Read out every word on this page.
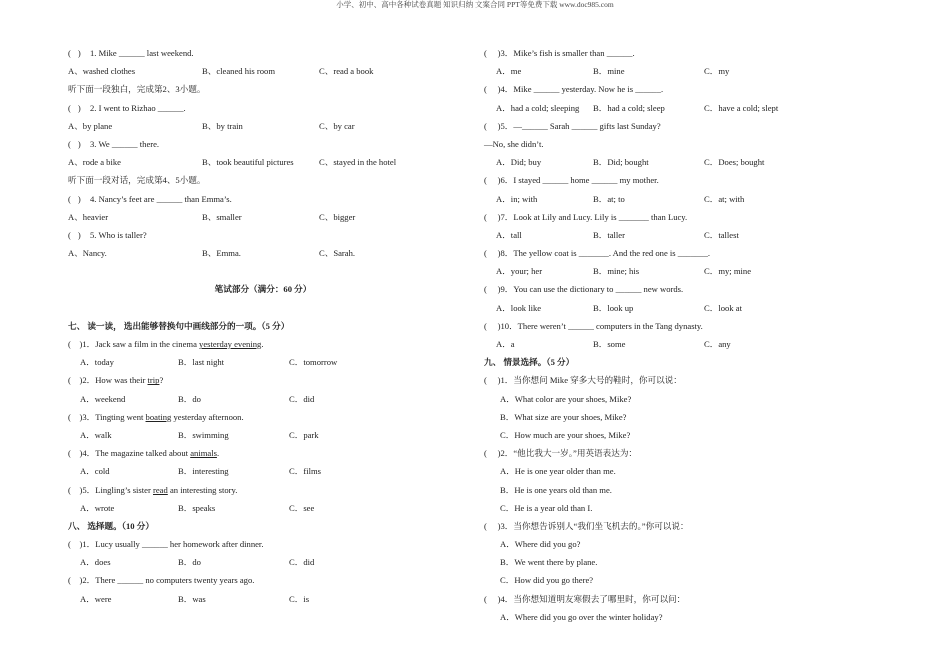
小学、初中、高中各种试卷真题 知识归纳 文案合同 PPT等免费下载 www.doc985.com
( )1. Mike ______ last weekend.
A、washed clothes	B、cleaned his room	C、read a book
听下面一段独白，完成第2、3小题。
( )2. I went to Rizhao ______.
A、by plane	B、by train	C、by car
( )3. We ______ there.
A、rode a bike	B、took beautiful pictures	C、stayed in the hotel
听下面一段对话，完成第4、5小题。
( )4. Nancy’s feet are ______ than Emma’s.
A、heavier	B、smaller	C、bigger
( )5. Who is taller?
A、Nancy.	B、Emma.	C、Sarah.
笔试部分（满分：60 分）
七、 读一读， 选出能够替换句中画线部分的一项。（5 分）
(    )1．Jack saw a film in the cinema yesterday evening.
A．today	B．last night	C．tomorrow
(    )2．How was their trip?
A．weekend	B．do	C．did
(    )3．Tingting went boating yesterday afternoon.
A．walk	B．swimming	C．park
(    )4．The magazine talked about animals.
A．cold	B．interesting	C．films
(    )5．Lingling’s sister read an interesting story.
A．wrote	B．speaks	C．see
八、 选择题。（10 分）
(    )1．Lucy usually ______ her homework after dinner.
A．does	B．do	C．did
(    )2．There ______ no computers twenty years ago.
A．were	B．was	C．is
(     )3．Mike’s fish is smaller than ______.
A．me	B．mine	C．my
(     )4．Mike ______ yesterday. Now he is ______.
A．had a cold; sleeping B．had a cold; sleep	C．have a cold; slept
(     )5．—______ Sarah ______ gifts last Sunday?
—No, she didn’t.
A．Did; buy	B．Did; bought	C．Does; bought
(     )6．I stayed ______ home ______ my mother.
A．in; with	B．at; to	C．at; with
(     )7．Look at Lily and Lucy. Lily is _______ than Lucy.
A．tall	B．taller	C．tallest
(     )8．The yellow coat is _______. And the red one is _______.
A．your; her	B．mine; his	C．my; mine
(     )9．You can use the dictionary to ______ new words.
A．look like	B．look up	C．look at
(     )10．There weren’t ______ computers in the Tang dynasty.
A．a	B．some	C．any
九、 情景选择。（5 分）
(     )1．当你想问 Mike 穿多大号的鞋时，你可以说：
A．What color are your shoes, Mike?
B．What size are your shoes, Mike?
C．How much are your shoes, Mike?
(     )2．“他比我大一岁。”用英语表达为：
A．He is one year older than me.
B．He is one years old than me.
C．He is a year old than I.
(     )3．当你想告诉别人“我们坐飞机去的。”你可以说：
A．Where did you go?
B．We went there by plane.
C．How did you go there?
(     )4．当你想知道明友寒假去了哪里时，你可以问：
A．Where did you go over the winter holiday?
